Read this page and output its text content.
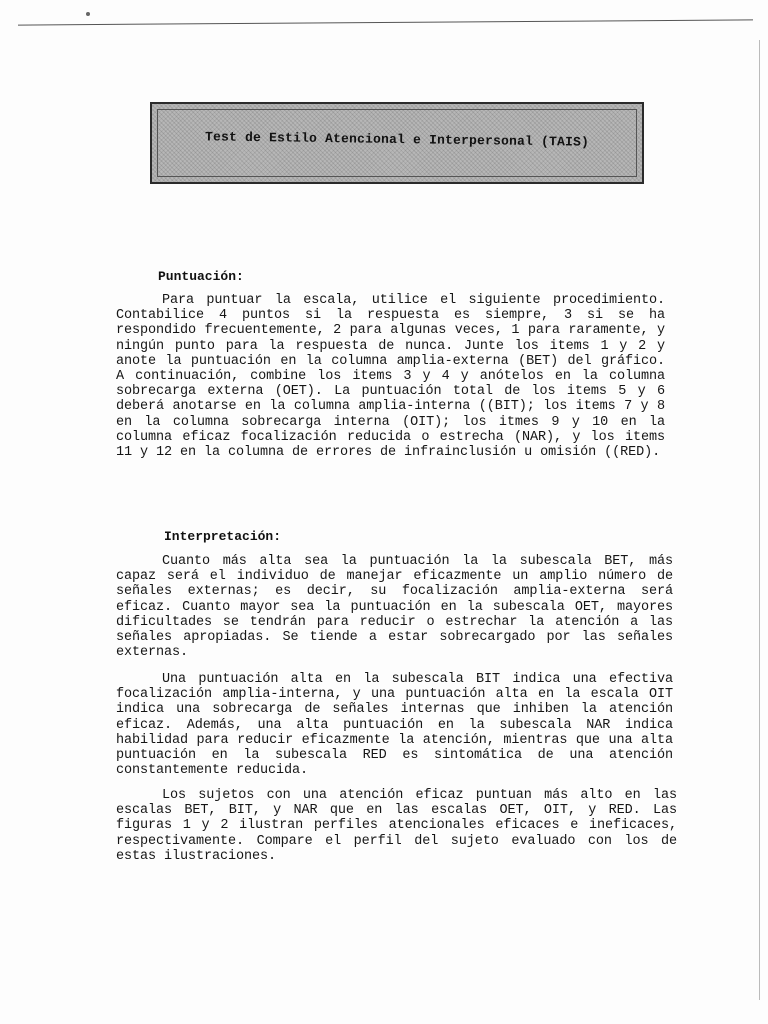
Test de Estilo Atencional e Interpersonal (TAIS)
Puntuación:

Para puntuar la escala, utilice el siguiente procedimiento. Contabilice 4 puntos si la respuesta es siempre, 3 si se ha respondido frecuentemente, 2 para algunas veces, 1 para raramente, y ningún punto para la respuesta de nunca. Junte los items 1 y 2 y anote la puntuación en la columna amplia-externa (BET) del gráfico. A continuación, combine los items 3 y 4 y anótelos en la columna sobrecarga externa (OET). La puntuación total de los items 5 y 6 deberá anotarse en la columna amplia-interna ((BIT); los items 7 y 8 en la columna sobrecarga interna (OIT); los itmes 9 y 10 en la columna eficaz focalización reducida o estrecha (NAR), y los items 11 y 12 en la columna de errores de infrainclusión u omisión ((RED).

Interpretación:

Cuanto más alta sea la puntuación la la subescala BET, más capaz será el individuo de manejar eficazmente un amplio número de señales externas; es decir, su focalización amplia-externa será eficaz. Cuanto mayor sea la puntuación en la subescala OET, mayores dificultades se tendrán para reducir o estrechar la atención a las señales apropiadas. Se tiende a estar sobrecargado por las señales externas.

Una puntuación alta en la subescala BIT indica una efectiva focalización amplia-interna, y una puntuación alta en la escala OIT indica una sobrecarga de señales internas que inhiben la atención eficaz. Además, una alta puntuación en la subescala NAR indica habilidad para reducir eficazmente la atención, mientras que una alta puntuación en la subescala RED es sintomática de una atención constantemente reducida.

Los sujetos con una atención eficaz puntuan más alto en las escalas BET, BIT, y NAR que en las escalas OET, OIT, y RED. Las figuras 1 y 2 ilustran perfiles atencionales eficaces e ineficaces, respectivamente. Compare el perfil del sujeto evaluado con los de estas ilustraciones.
